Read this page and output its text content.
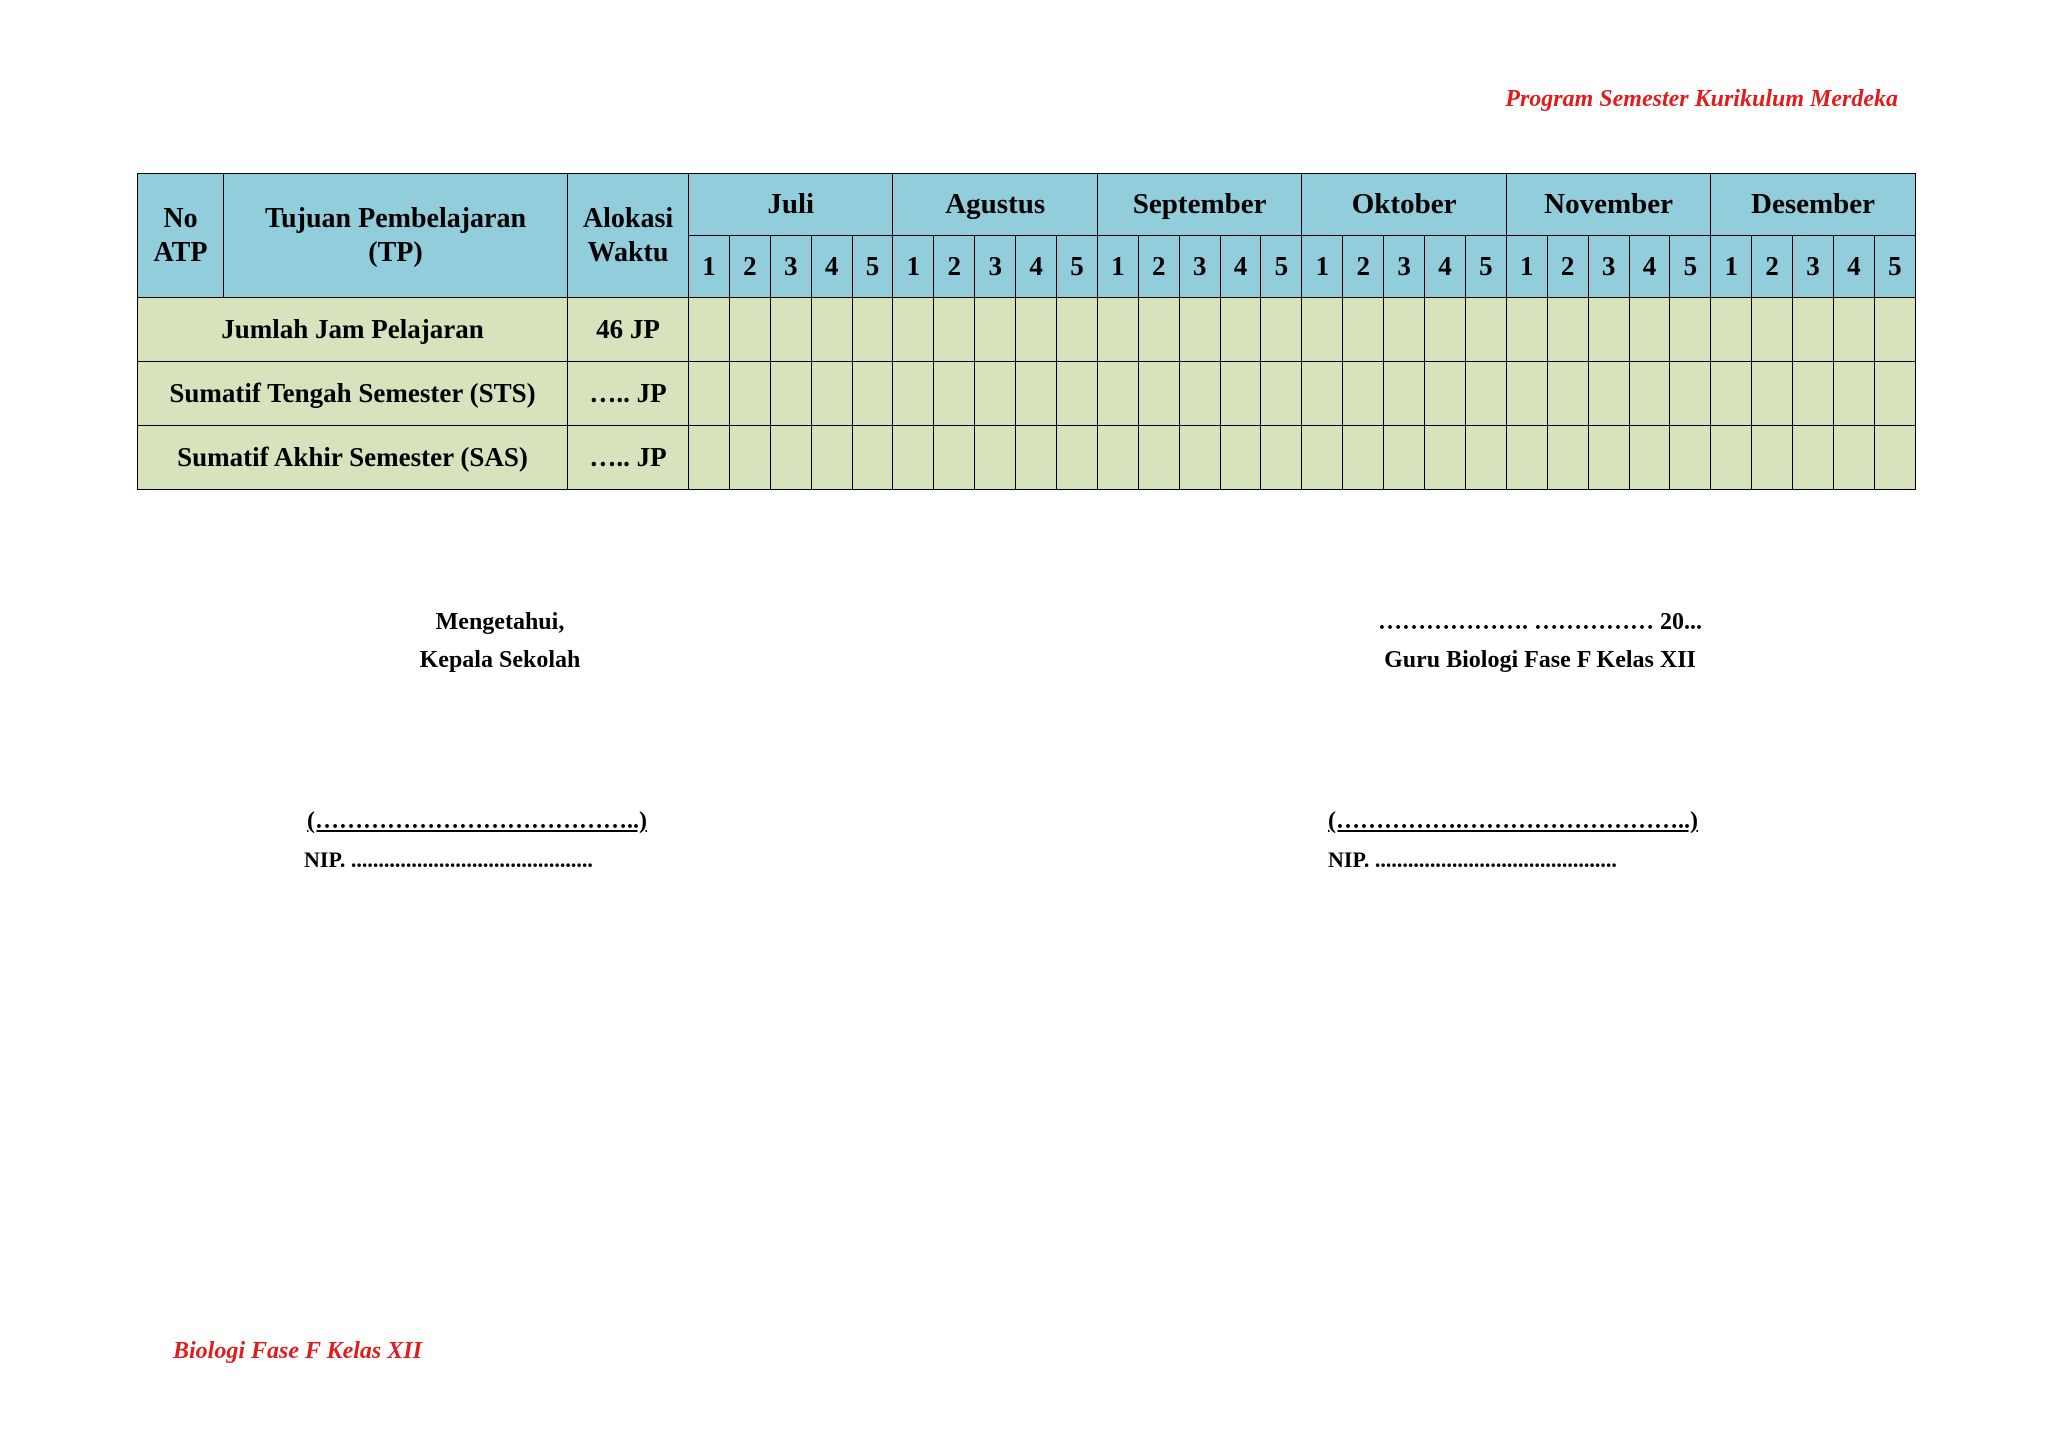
Program Semester Kurikulum Merdeka
No ATP	Tujuan Pembelajaran (TP)	Alokasi Waktu	Juli					Agustus					September					Oktober					November					Desember				
			1	2	3	4	5	1	2	3	4	5	1	2	3	4	5	1	2	3	4	5	1	2	3	4	5	1	2	3	4	5
Jumlah Jam Pelajaran		46 JP																														
Sumatif Tengah Semester (STS)		….. JP																														
Sumatif Akhir Semester (SAS)		….. JP																														
Mengetahui,
Kepala Sekolah
(…………………………………..)
NIP. ............................................
………………. …………… 20...
Guru Biologi Fase F Kelas XII
(…………….………………………..)
NIP. ............................................
Biologi Fase F Kelas XII
